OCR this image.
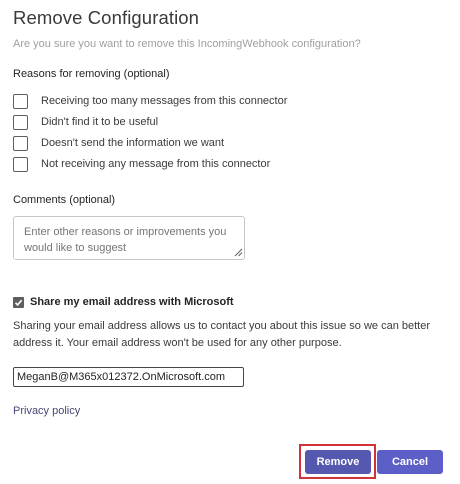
Remove Configuration
Are you sure you want to remove this IncomingWebhook configuration?
Reasons for removing (optional)
Receiving too many messages from this connector
Didn't find it to be useful
Doesn't send the information we want
Not receiving any message from this connector
Comments (optional)
Enter other reasons or improvements you would like to suggest
Share my email address with Microsoft
Sharing your email address allows us to contact you about this issue so we can better address it. Your email address won't be used for any other purpose.
MeganB@M365x012372.OnMicrosoft.com
Privacy policy
Remove	Cancel
